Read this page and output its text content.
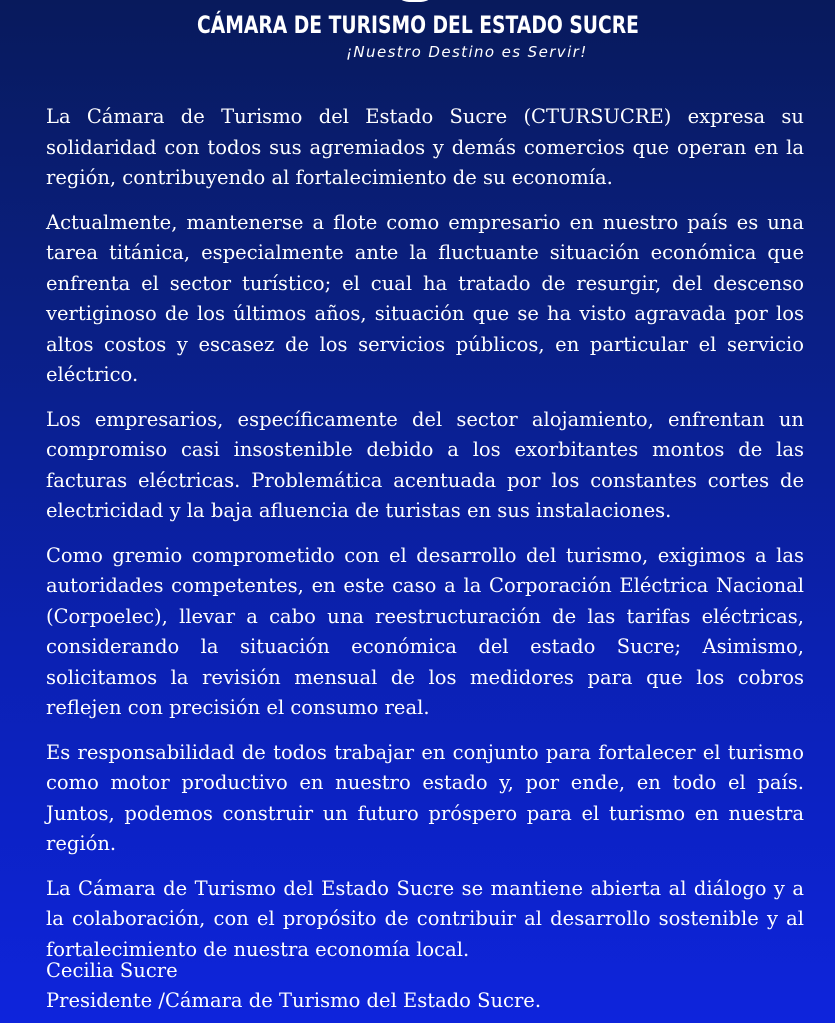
CÁMARA DE TURISMO DEL ESTADO SUCRE
¡Nuestro Destino es Servir!

La Cámara de Turismo del Estado Sucre (CTURSUCRE) expresa su solidaridad con todos sus agremiados y demás comercios que operan en la región, contribuyendo al fortalecimiento de su economía.

Actualmente, mantenerse a flote como empresario en nuestro país es una tarea titánica, especialmente ante la fluctuante situación económica que enfrenta el sector turístico; el cual ha tratado de resurgir, del descenso vertiginoso de los últimos años, situación que se ha visto agravada por los altos costos y escasez de los servicios públicos, en particular el servicio eléctrico.

Los empresarios, específicamente del sector alojamiento, enfrentan un compromiso casi insostenible debido a los exorbitantes montos de las facturas eléctricas. Problemática acentuada por los constantes cortes de electricidad y la baja afluencia de turistas en sus instalaciones.

Como gremio comprometido con el desarrollo del turismo, exigimos a las autoridades competentes, en este caso a la Corporación Eléctrica Nacional (Corpoelec), llevar a cabo una reestructuración de las tarifas eléctricas, considerando la situación económica del estado Sucre; Asimismo, solicitamos la revisión mensual de los medidores para que los cobros reflejen con precisión el consumo real.

Es responsabilidad de todos trabajar en conjunto para fortalecer el turismo como motor productivo en nuestro estado y, por ende, en todo el país. Juntos, podemos construir un futuro próspero para el turismo en nuestra región.

La Cámara de Turismo del Estado Sucre se mantiene abierta al diálogo y a la colaboración, con el propósito de contribuir al desarrollo sostenible y al fortalecimiento de nuestra economía local.

Cecilia Sucre
Presidente /Cámara de Turismo del Estado Sucre.
